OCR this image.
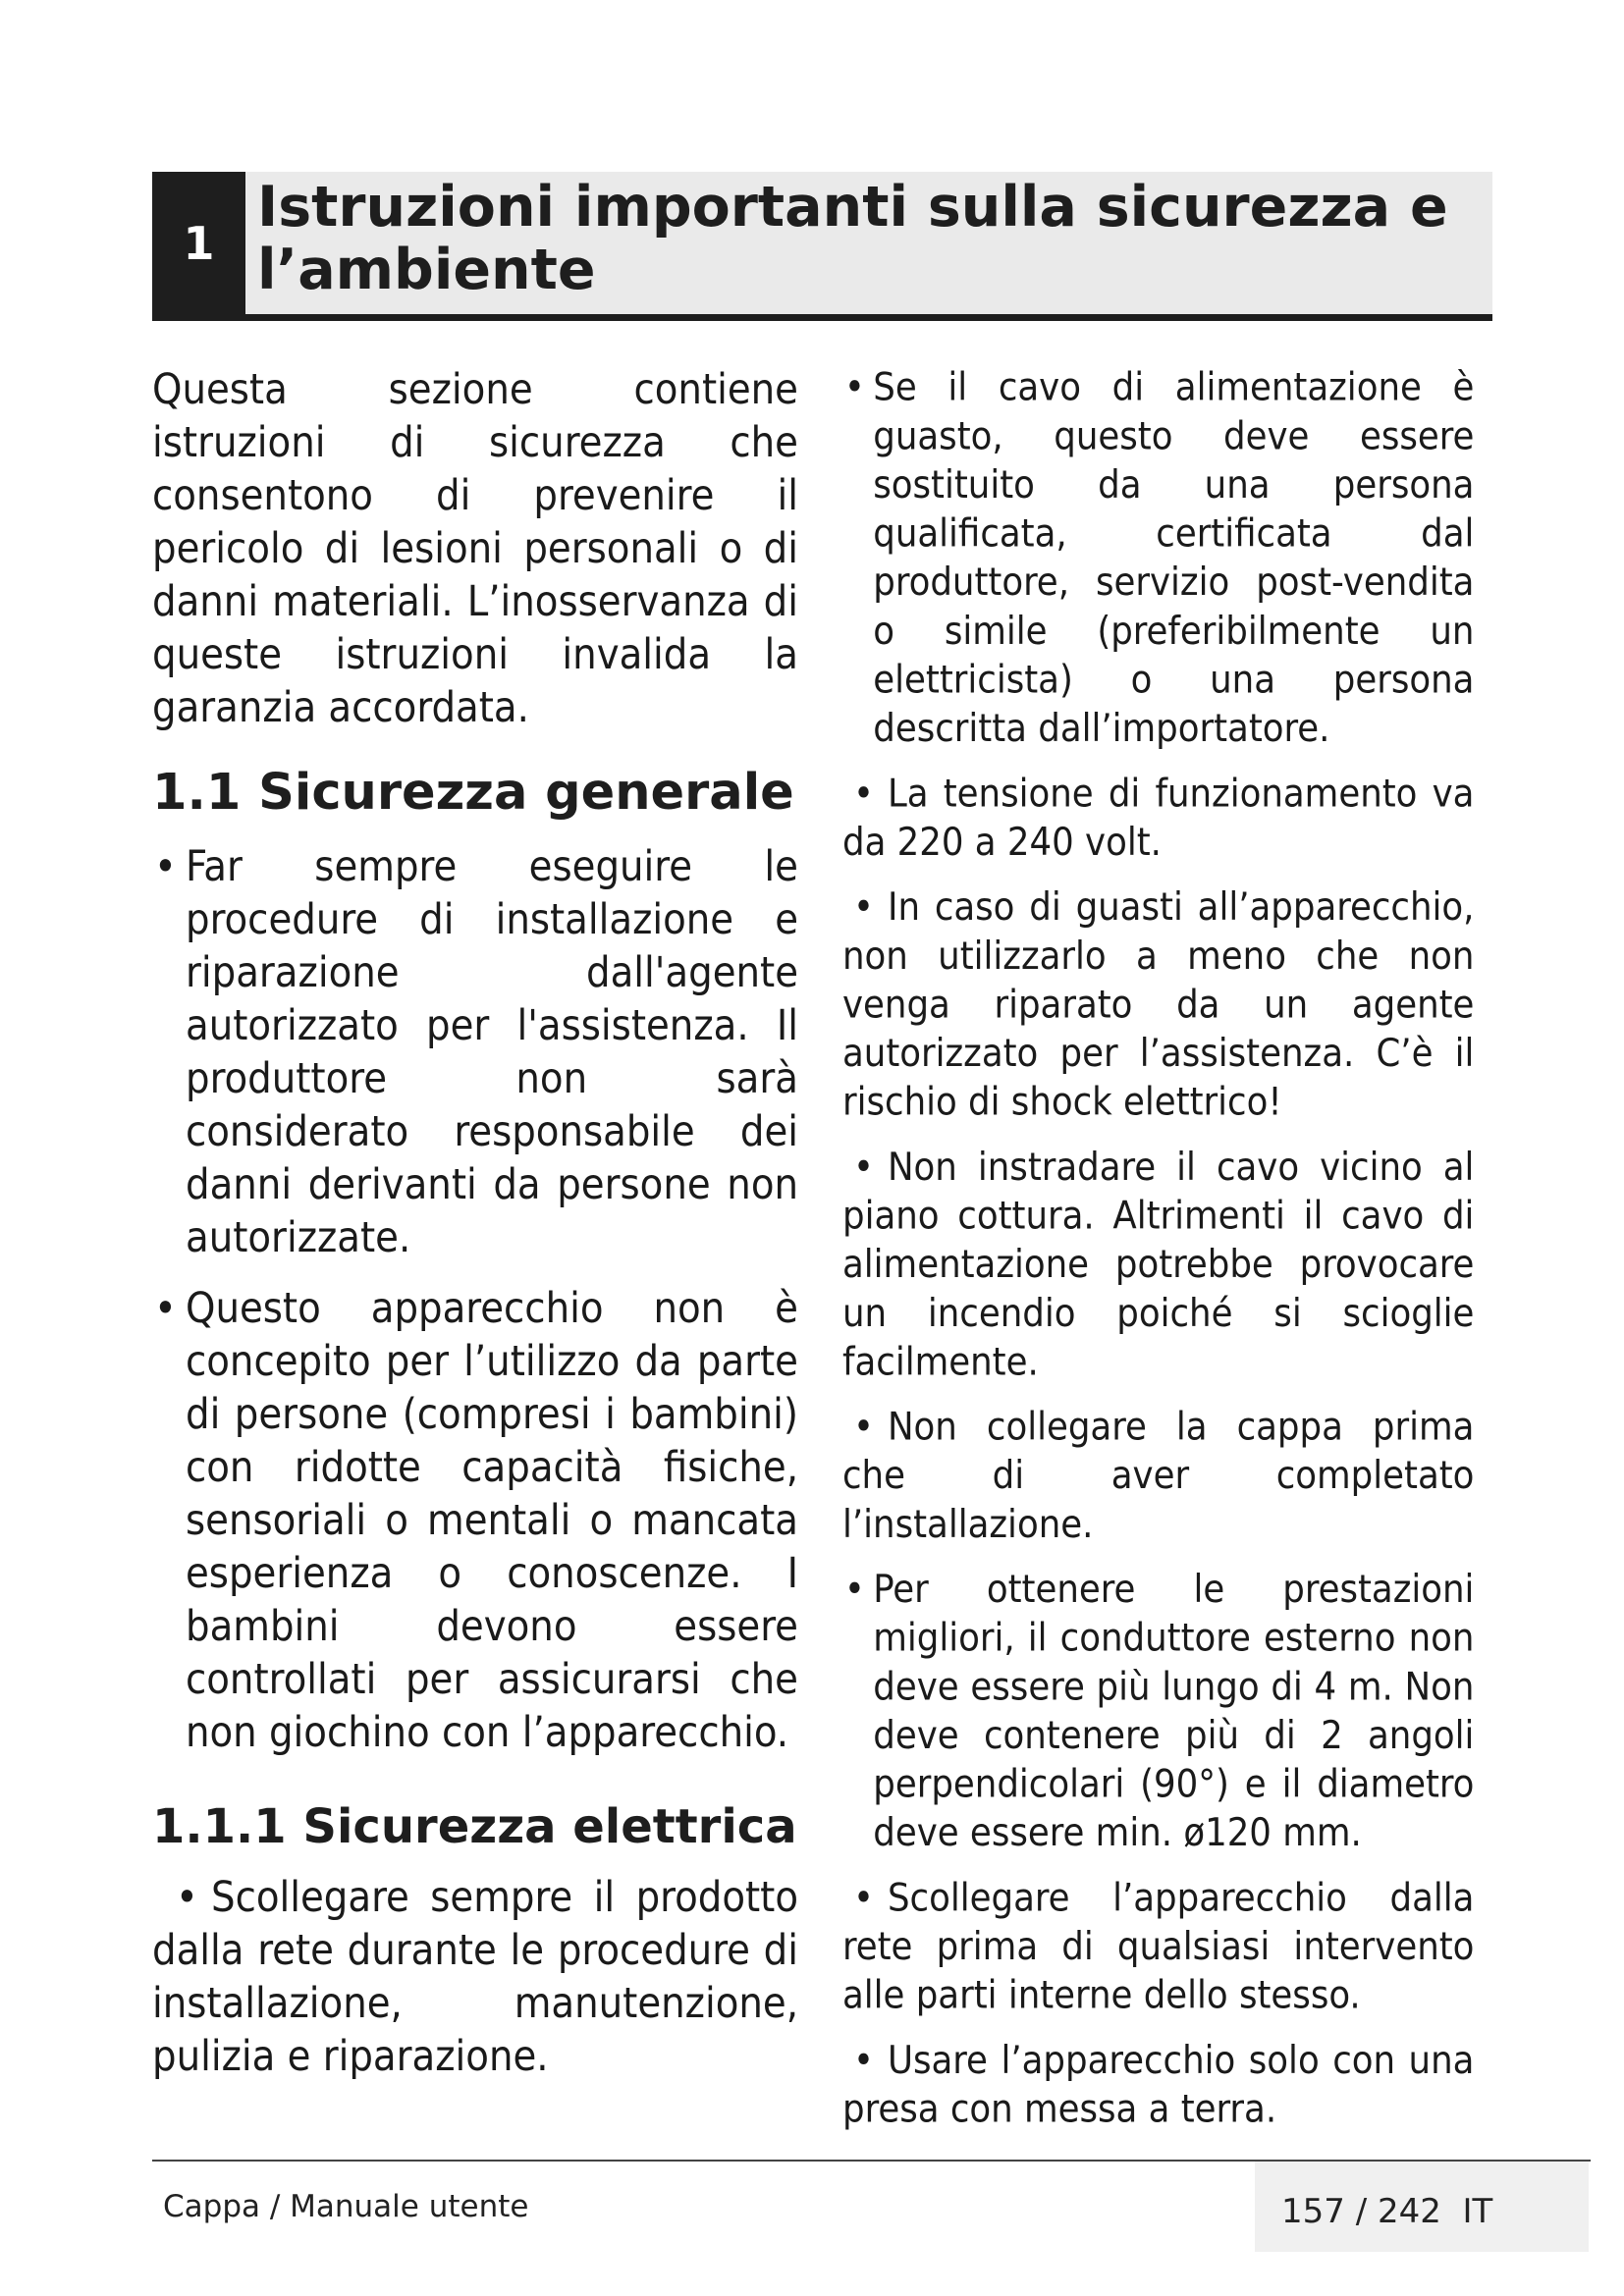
1
Istruzioni importanti sulla sicurezza e l’ambiente

Questa sezione contiene istruzioni di sicurezza che consentono di prevenire il pericolo di lesioni personali o di danni materiali. L’inosservanza di queste istruzioni invalida la garanzia accordata.

1.1 Sicurezza generale
• Far sempre eseguire le procedure di installazione e riparazione dall'agente autorizzato per l'assistenza. Il produttore non sarà considerato responsabile dei danni derivanti da persone non autorizzate.
• Questo apparecchio non è concepito per l’utilizzo da parte di persone (compresi i bambini) con ridotte capacità fisiche, sensoriali o mentali o mancata esperienza o conoscenze. I bambini devono essere controllati per assicurarsi che non giochino con l’apparecchio.
1.1.1 Sicurezza elettrica
• Scollegare sempre il prodotto dalla rete durante le procedure di installazione, manutenzione, pulizia e riparazione.
• Se il cavo di alimentazione è guasto, questo deve essere sostituito da una persona qualificata, certificata dal produttore, servizio post-vendita o simile (preferibilmente un elettricista) o una persona descritta dall’importatore.
• La tensione di funzionamento va da 220 a 240 volt.
• In caso di guasti all’apparecchio, non utilizzarlo a meno che non venga riparato da un agente autorizzato per l’assistenza. C’è il rischio di shock elettrico!
• Non instradare il cavo vicino al piano cottura. Altrimenti il cavo di alimentazione potrebbe provocare un incendio poiché si scioglie facilmente.
• Non collegare la cappa prima che di aver completato l’installazione.
• Per ottenere le prestazioni migliori, il conduttore esterno non deve essere più lungo di 4 m. Non deve contenere più di 2 angoli perpendicolari (90°) e il diametro deve essere min. ø120 mm.
• Scollegare l’apparecchio dalla rete prima di qualsiasi intervento alle parti interne dello stesso.
• Usare l’apparecchio solo con una presa con messa a terra.
Cappa / Manuale utente	157 / 242 IT
